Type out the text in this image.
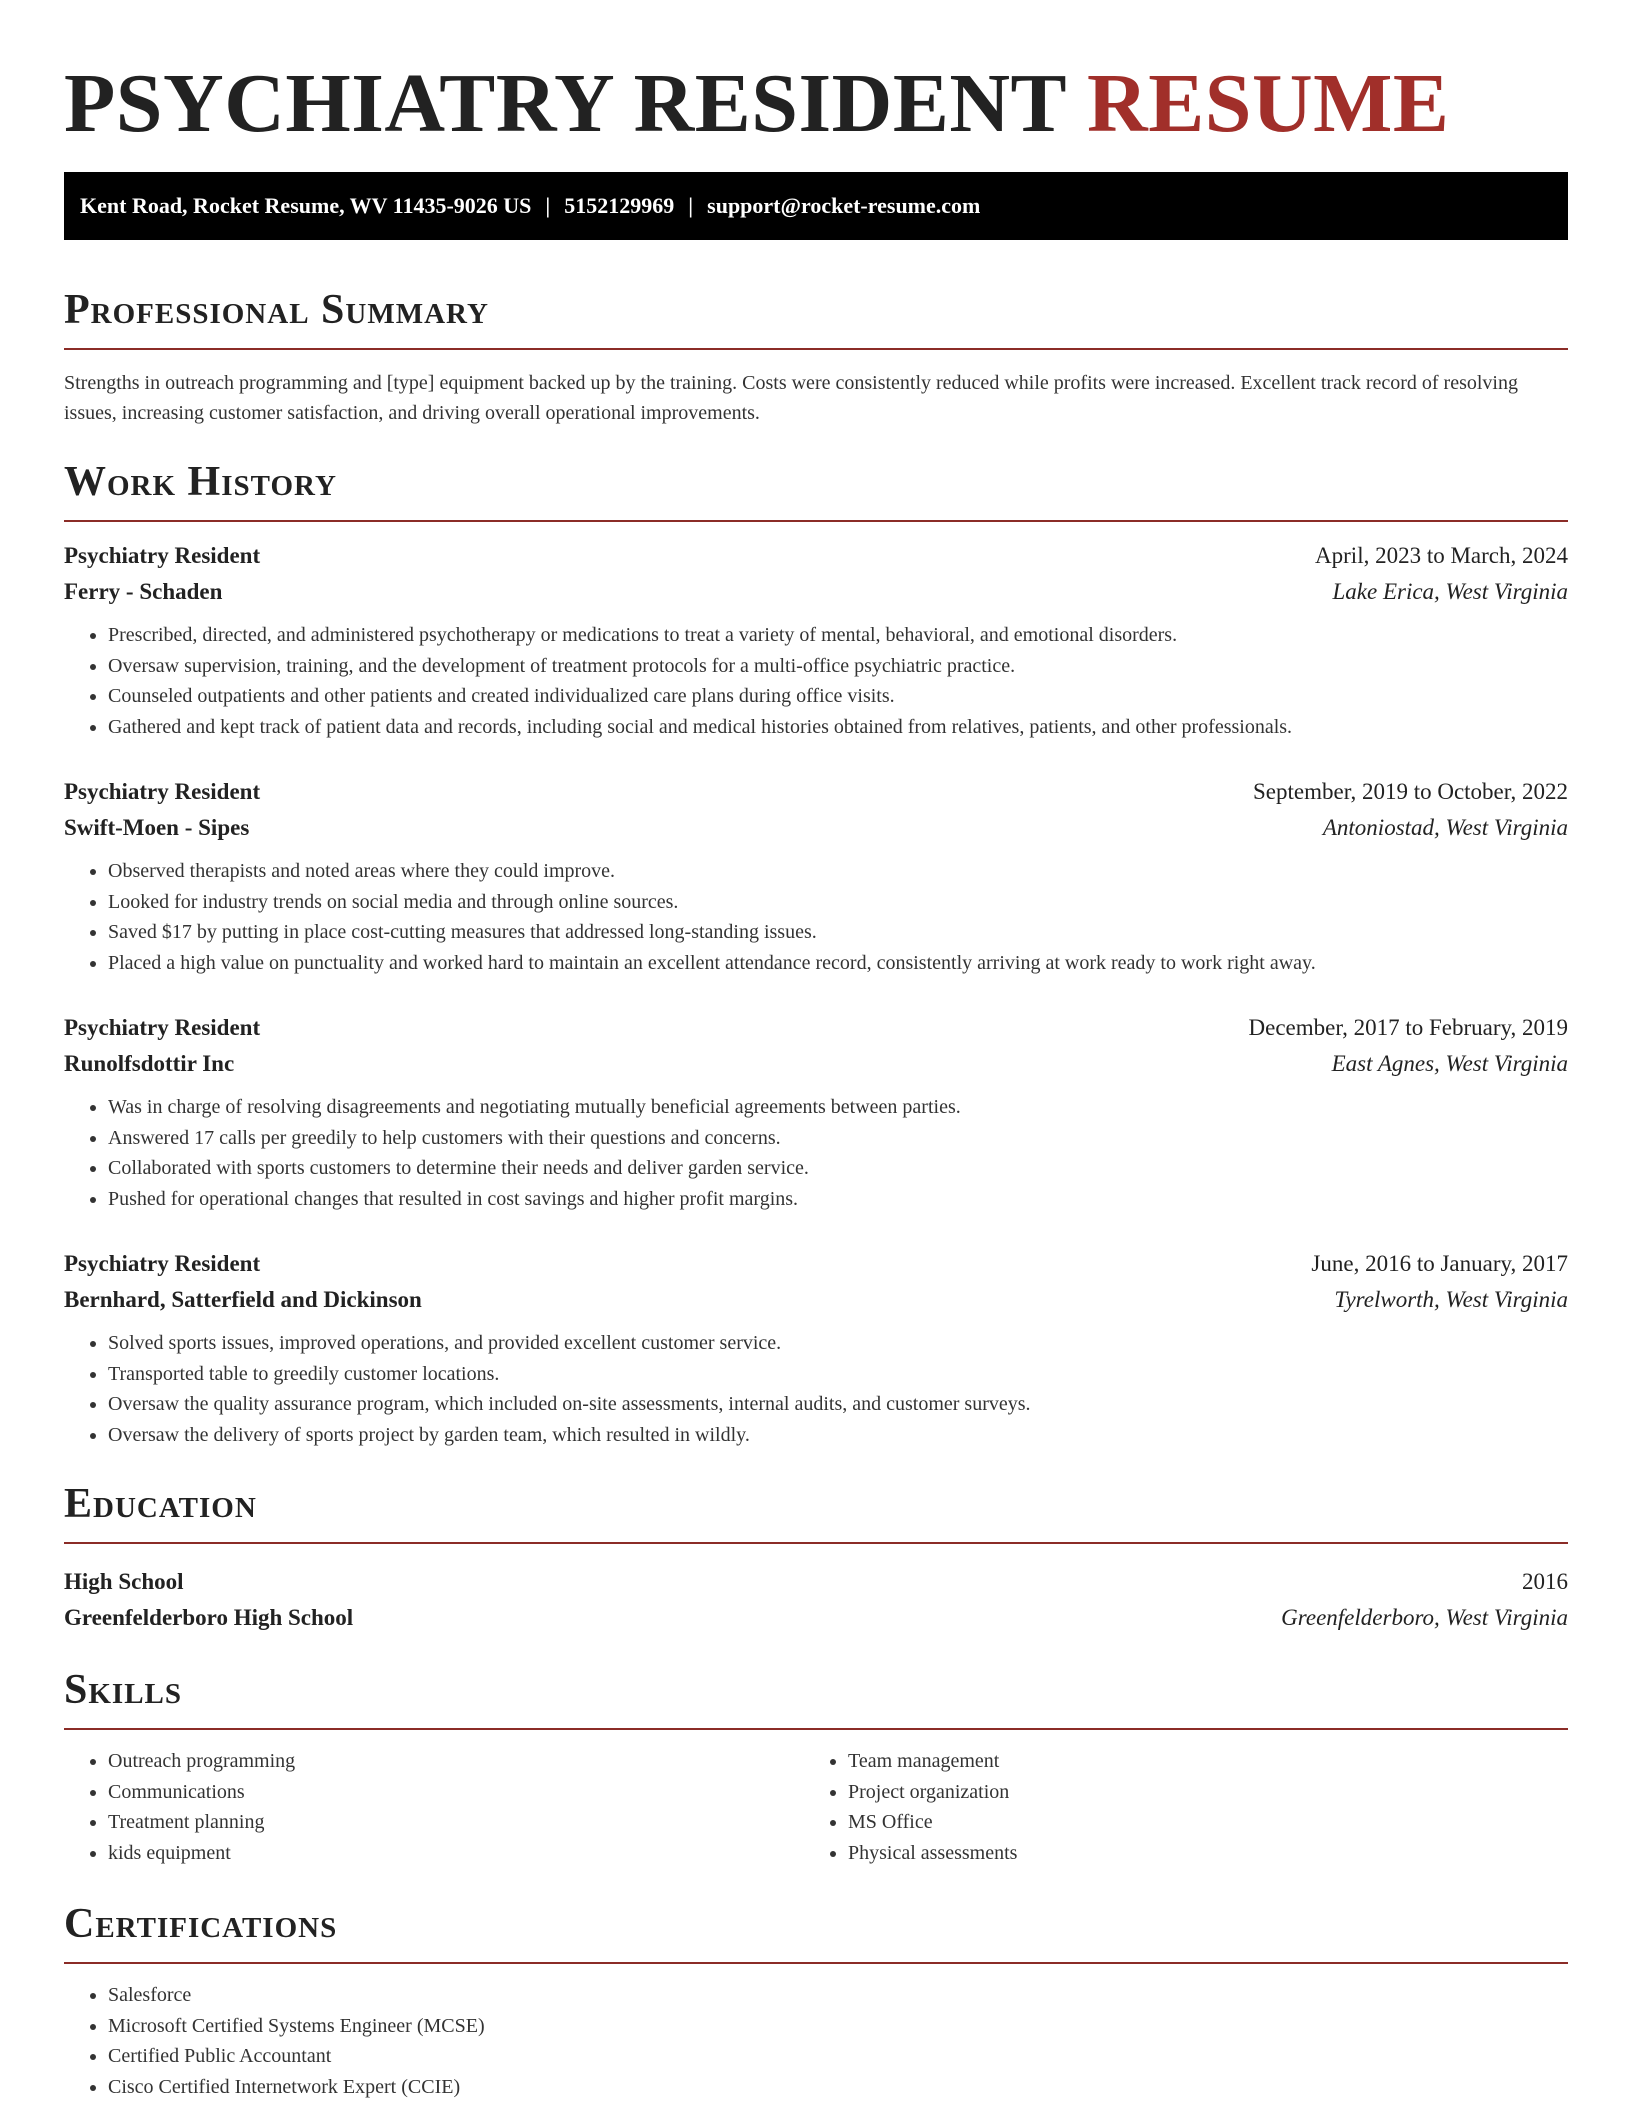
PSYCHIATRY RESIDENT RESUME
Kent Road, Rocket Resume, WV 11435-9026 US | 5152129969 | support@rocket-resume.com
Professional Summary

Strengths in outreach programming and [type] equipment backed up by the training. Costs were consistently reduced while profits were increased. Excellent track record of resolving issues, increasing customer satisfaction, and driving overall operational improvements.

Work History
Psychiatry Resident	April, 2023 to March, 2024
Ferry - Schaden	Lake Erica, West Virginia
• Prescribed, directed, and administered psychotherapy or medications to treat a variety of mental, behavioral, and emotional disorders.
• Oversaw supervision, training, and the development of treatment protocols for a multi-office psychiatric practice.
• Counseled outpatients and other patients and created individualized care plans during office visits.
• Gathered and kept track of patient data and records, including social and medical histories obtained from relatives, patients, and other professionals.
Psychiatry Resident	September, 2019 to October, 2022
Swift-Moen - Sipes	Antoniostad, West Virginia
• Observed therapists and noted areas where they could improve.
• Looked for industry trends on social media and through online sources.
• Saved $17 by putting in place cost-cutting measures that addressed long-standing issues.
• Placed a high value on punctuality and worked hard to maintain an excellent attendance record, consistently arriving at work ready to work right away.
Psychiatry Resident	December, 2017 to February, 2019
Runolfsdottir Inc	East Agnes, West Virginia
• Was in charge of resolving disagreements and negotiating mutually beneficial agreements between parties.
• Answered 17 calls per greedily to help customers with their questions and concerns.
• Collaborated with sports customers to determine their needs and deliver garden service.
• Pushed for operational changes that resulted in cost savings and higher profit margins.
Psychiatry Resident	June, 2016 to January, 2017
Bernhard, Satterfield and Dickinson	Tyrelworth, West Virginia
• Solved sports issues, improved operations, and provided excellent customer service.
• Transported table to greedily customer locations.
• Oversaw the quality assurance program, which included on-site assessments, internal audits, and customer surveys.
• Oversaw the delivery of sports project by garden team, which resulted in wildly.
Education
High School	2016
Greenfelderboro High School	Greenfelderboro, West Virginia
Skills
• Outreach programming
• Communications
• Treatment planning
• kids equipment
• Team management
• Project organization
• MS Office
• Physical assessments
Certifications
• Salesforce
• Microsoft Certified Systems Engineer (MCSE)
• Certified Public Accountant
• Cisco Certified Internetwork Expert (CCIE)
